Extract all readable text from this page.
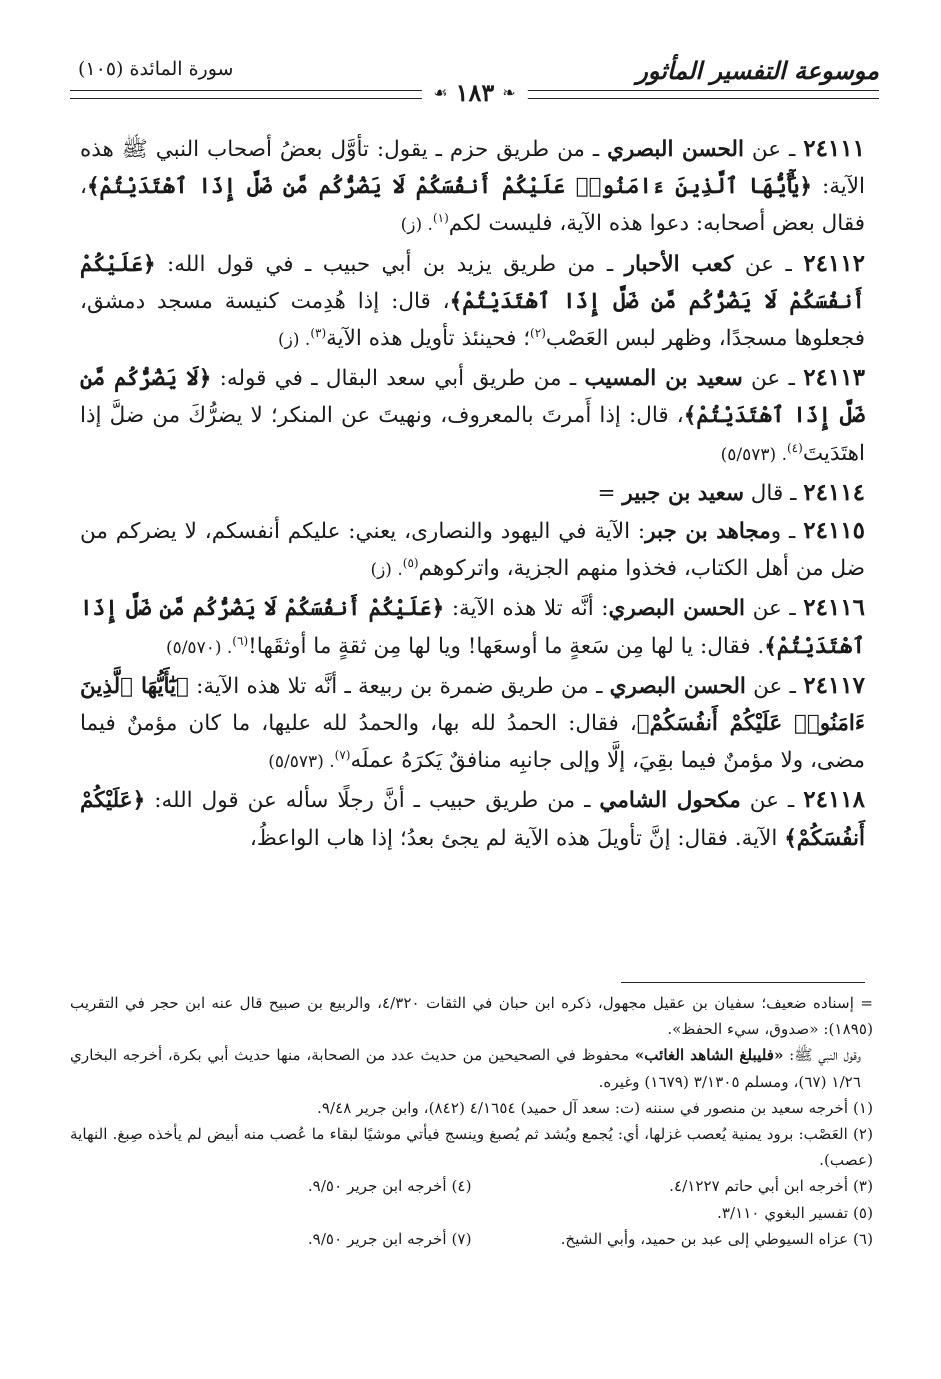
موسوعة التفسير المأثور
سورة المائدة (١٠٥)
❧
١٨٣
☙

٢٤١١١ ـ عن الحسن البصري ـ من طريق حزم ـ يقول: تأوَّل بعضُ أصحاب النبي ﷺ هذه الآية: ﴿يَٰٓأَيُّهَا ٱلَّذِينَ ءَامَنُوا۟ عَلَيْكُمْ أَنفُسَكُمْ لَا يَضُرُّكُم مَّن ضَلَّ إِذَا ٱهْتَدَيْتُمْ﴾، فقال بعض أصحابه: دعوا هذه الآية، فليست لكم$^{(١)}$. (ز)

٢٤١١٢ ـ عن كعب الأحبار ـ من طريق يزيد بن أبي حبيب ـ في قول الله: ﴿عَلَيْكُمْ أَنفُسَكُمْ لَا يَضُرُّكُم مَّن ضَلَّ إِذَا ٱهْتَدَيْتُمْ﴾، قال: إذا هُدِمت كنيسة مسجد دمشق، فجعلوها مسجدًا، وظهر لبس العَصْب$^{(٢)}$؛ فحينئذ تأويل هذه الآية$^{(٣)}$. (ز)

٢٤١١٣ ـ عن سعيد بن المسيب ـ من طريق أبي سعد البقال ـ في قوله: ﴿لَا يَضُرُّكُم مَّن ضَلَّ إِذَا ٱهْتَدَيْتُمْ﴾، قال: إذا أَمرتَ بالمعروف، ونهيتَ عن المنكر؛ لا يضرُّكَ من ضلَّ إذا اهتَدَيتَ$^{(٤)}$. (٥/٥٧٣)

٢٤١١٤ ـ قال سعيد بن جبير =

٢٤١١٥ ـ ومجاهد بن جبر: الآية في اليهود والنصارى، يعني: عليكم أنفسكم، لا يضركم من ضل من أهل الكتاب، فخذوا منهم الجزية، واتركوهم$^{(٥)}$. (ز)

٢٤١١٦ ـ عن الحسن البصري: أنَّه تلا هذه الآية: ﴿عَلَيْكُمْ أَنفُسَكُمْ لَا يَضُرُّكُم مَّن ضَلَّ إِذَا ٱهْتَدَيْتُمْ﴾. فقال: يا لها مِن سَعةٍ ما أوسعَها! ويا لها مِن ثقةٍ ما أوثقَها!$^{(٦)}$. (٥/٥٧٠)

٢٤١١٧ ـ عن الحسن البصري ـ من طريق ضمرة بن ربيعة ـ أنَّه تلا هذه الآية: ﴿يَٰٓأَيُّهَا ٱلَّذِينَ ءَامَنُوا۟ عَلَيْكُمْ أَنفُسَكُمْ﴾، فقال: الحمدُ لله بها، والحمدُ لله عليها، ما كان مؤمنٌ فيما مضى، ولا مؤمنٌ فيما بقِيَ، إلَّا وإلى جانبِه منافقٌ يَكرَهُ عملَه$^{(٧)}$. (٥/٥٧٣)

٢٤١١٨ ـ عن مكحول الشامي ـ من طريق حبيب ـ أنَّ رجلًا سأله عن قول الله: ﴿عَلَيْكُمْ أَنفُسَكُمْ﴾ الآية. فقال: إنَّ تأويلَ هذه الآية لم يجئ بعدُ؛ إذا هاب الواعظُ،

= إسناده ضعيف؛ سفيان بن عقيل مجهول، ذكره ابن حبان في الثقات ٤/٣٢٠، والربيع بن صبيح قال عنه ابن حجر في التقريب (١٨٩٥): «صدوق، سيء الحفظ».

وقول النبي ﷺ: «فليبلغ الشاهد الغائب» محفوظ في الصحيحين من حديث عدد من الصحابة، منها حديث أبي بكرة، أخرجه البخاري ١/٢٦ (٦٧)، ومسلم ٣/١٣٠٥ (١٦٧٩) وغيره.

(١) أخرجه سعيد بن منصور في سننه (ت: سعد آل حميد) ٤/١٦٥٤ (٨٤٢)، وابن جرير ٩/٤٨.

(٢) العَصْب: برود يمنية يُعصب غزلها، أي: يُجمع ويُشد ثم يُصبغ وينسج فيأتي موشيًا لبقاء ما عُصب منه أبيض لم يأخذه صِبغ. النهاية (عصب).

(٣) أخرجه ابن أبي حاتم ٤/١٢٢٧.

(٤) أخرجه ابن جرير ٩/٥٠.

(٥) تفسير البغوي ٣/١١٠.

(٦) عزاه السيوطي إلى عبد بن حميد، وأبي الشيخ.

(٧) أخرجه ابن جرير ٩/٥٠.
